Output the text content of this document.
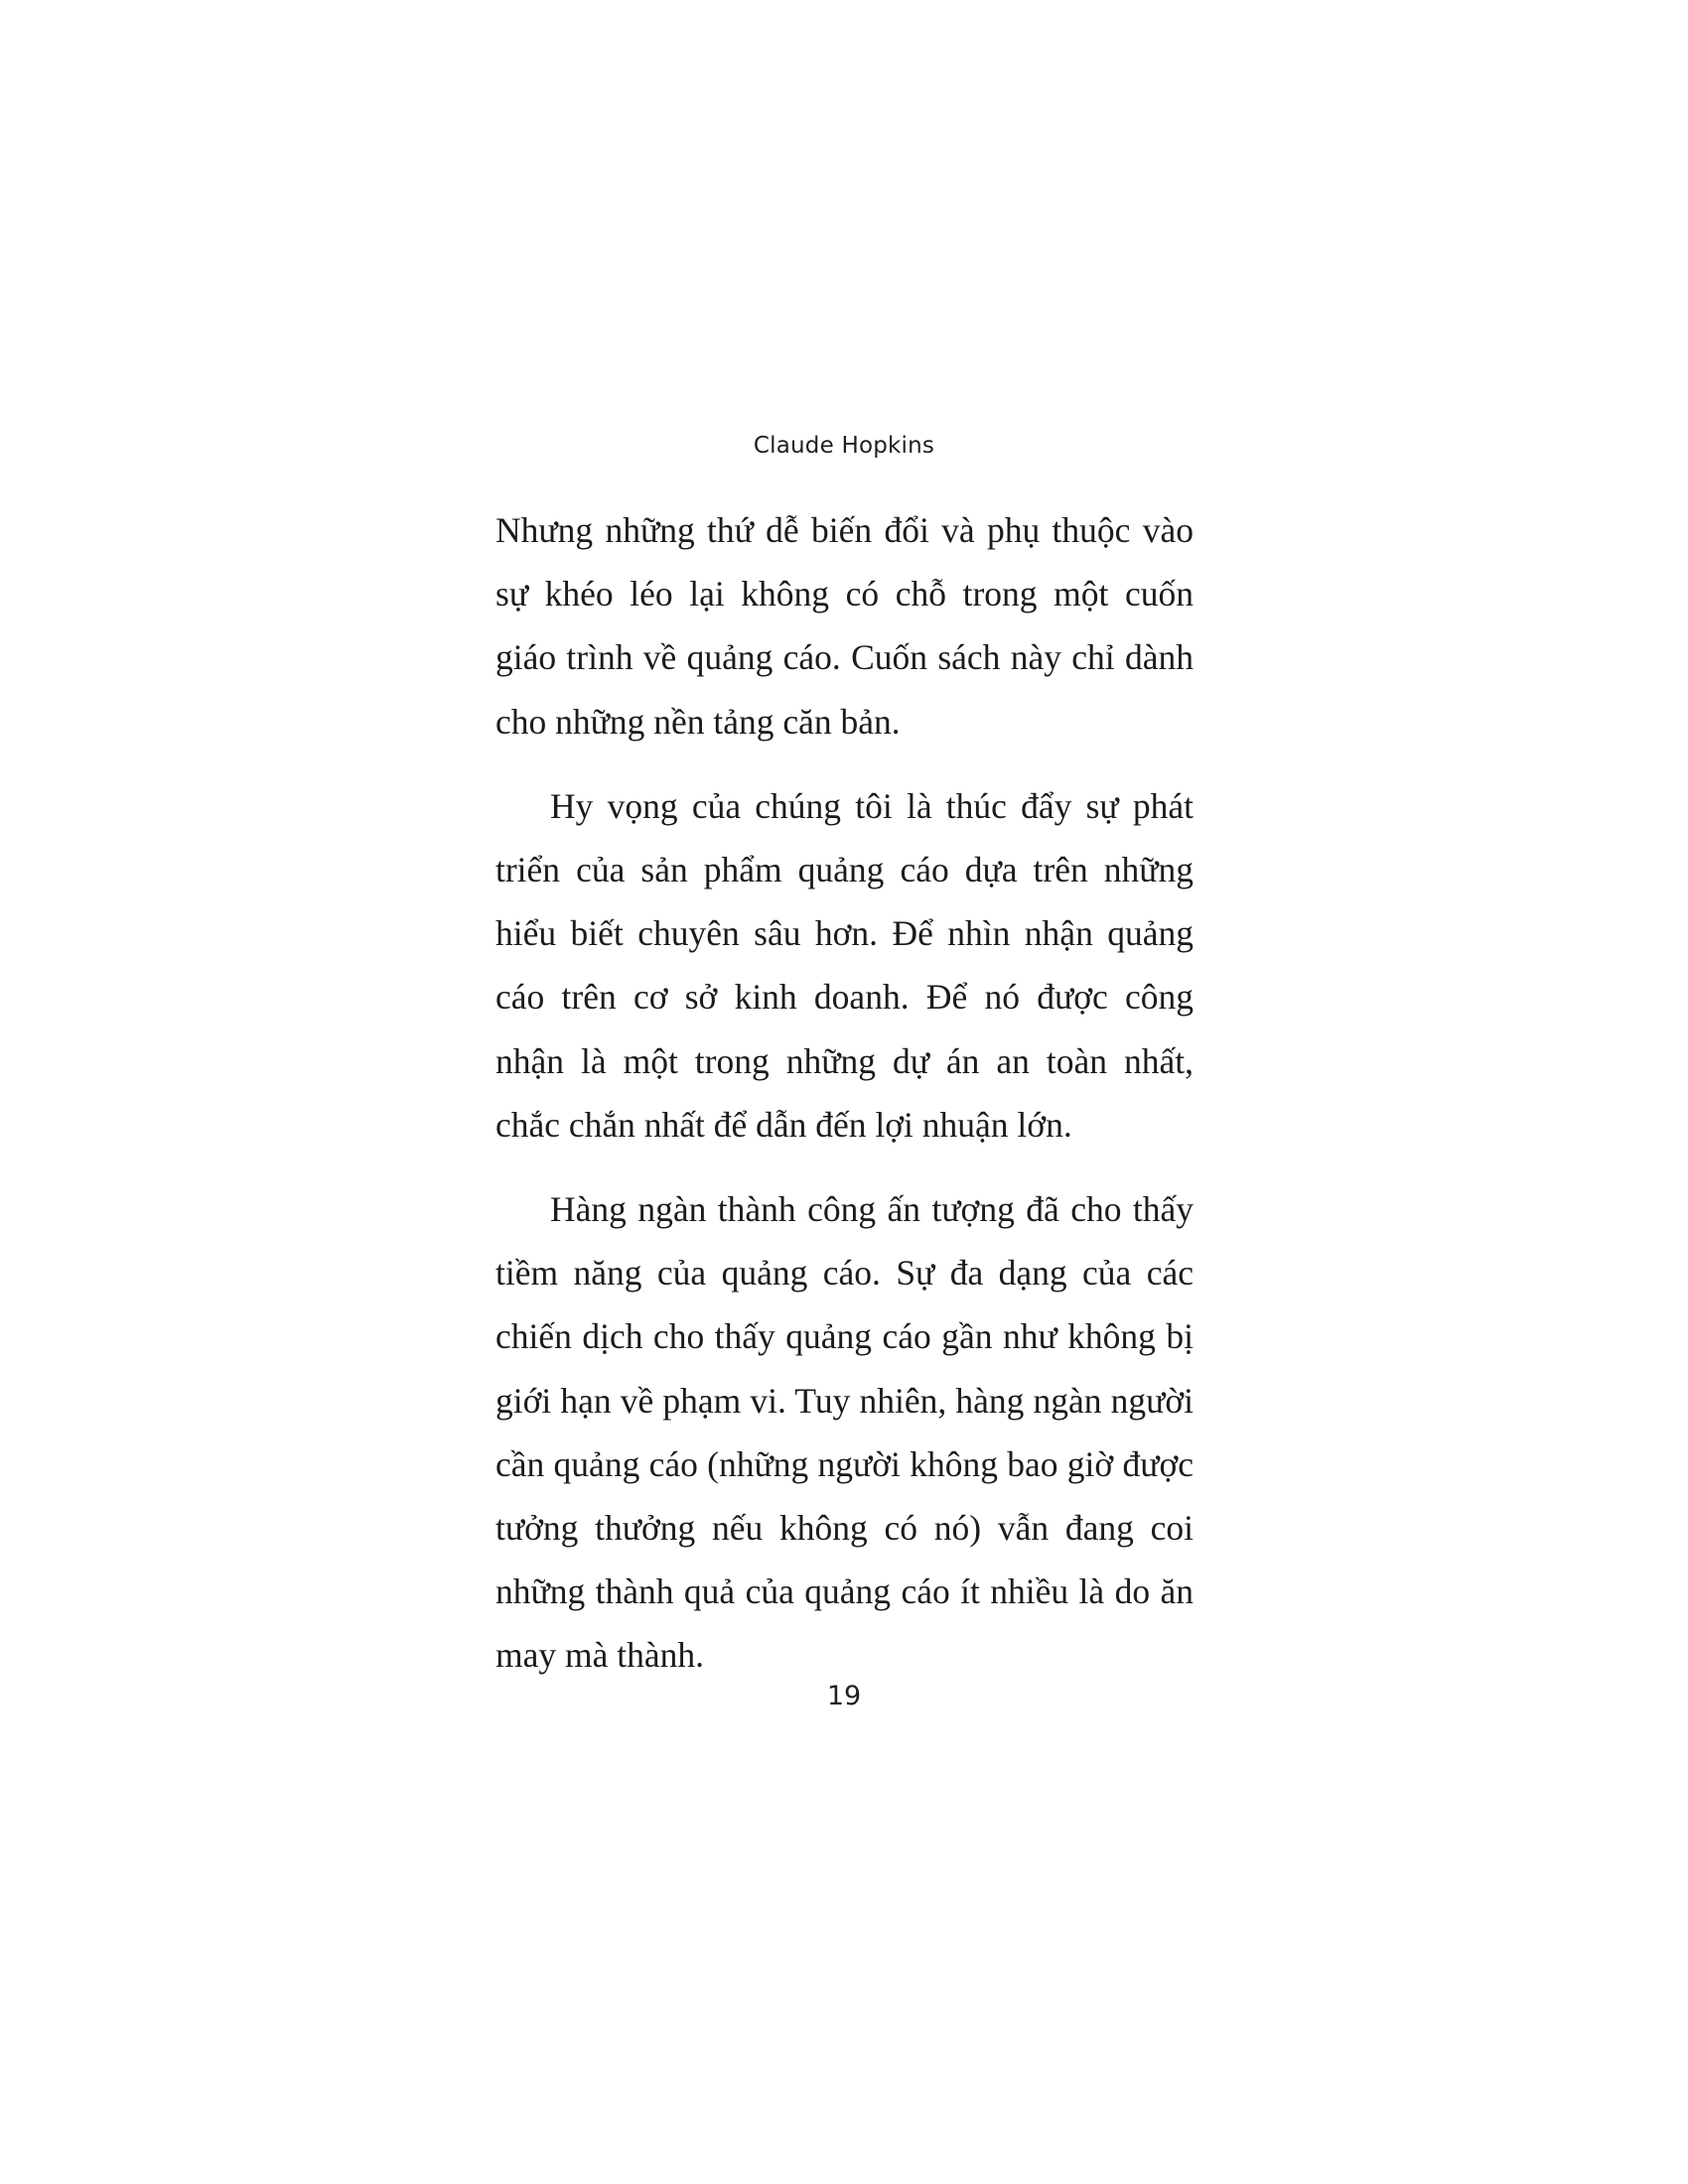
Claude Hopkins

Nhưng những thứ dễ biến đổi và phụ thuộc vào sự khéo léo lại không có chỗ trong một cuốn giáo trình về quảng cáo. Cuốn sách này chỉ dành cho những nền tảng căn bản.

Hy vọng của chúng tôi là thúc đẩy sự phát triển của sản phẩm quảng cáo dựa trên những hiểu biết chuyên sâu hơn. Để nhìn nhận quảng cáo trên cơ sở kinh doanh. Để nó được công nhận là một trong những dự án an toàn nhất, chắc chắn nhất để dẫn đến lợi nhuận lớn.

Hàng ngàn thành công ấn tượng đã cho thấy tiềm năng của quảng cáo. Sự đa dạng của các chiến dịch cho thấy quảng cáo gần như không bị giới hạn về phạm vi. Tuy nhiên, hàng ngàn người cần quảng cáo (những người không bao giờ được tưởng thưởng nếu không có nó) vẫn đang coi những thành quả của quảng cáo ít nhiều là do ăn may mà thành.

19
